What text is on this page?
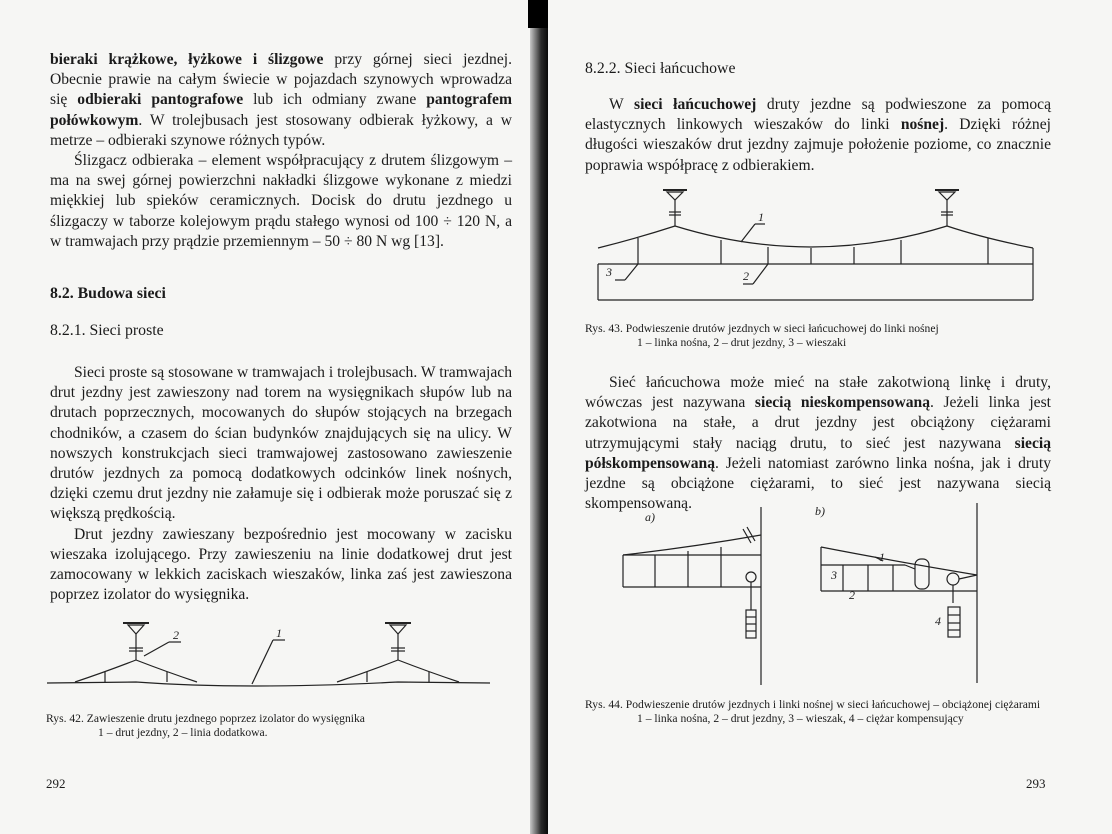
bieraki krążkowe, łyżkowe i ślizgowe przy górnej sieci jezdnej. Obecnie prawie na całym świecie w pojazdach szynowych wprowadza się odbieraki pantografowe lub ich odmiany zwane pantografem połówkowym. W trolejbusach jest stosowany odbierak łyżkowy, a w metrze – odbieraki szynowe różnych typów.

Ślizgacz odbieraka – element współpracujący z drutem ślizgowym – ma na swej górnej powierzchni nakładki ślizgowe wykonane z miedzi miękkiej lub spieków ceramicznych. Docisk do drutu jezdnego u ślizgaczy w taborze kolejowym prądu stałego wynosi od 100 ÷ 120 N, a w tramwajach przy prądzie przemiennym – 50 ÷ 80 N wg [13].

8.2. Budowa sieci
8.2.1. Sieci proste

Sieci proste są stosowane w tramwajach i trolejbusach. W tramwajach drut jezdny jest zawieszony nad torem na wysięgnikach słupów lub na drutach poprzecznych, mocowanych do słupów stojących na brzegach chodników, a czasem do ścian budynków znajdujących się na ulicy. W nowszych konstrukcjach sieci tramwajowej zastosowano zawieszenie drutów jezdnych za pomocą dodatkowych odcinków linek nośnych, dzięki czemu drut jezdny nie załamuje się i odbierak może poruszać się z większą prędkością.

Drut jezdny zawieszany bezpośrednio jest mocowany w zacisku wieszaka izolującego. Przy zawieszeniu na linie dodatkowej drut jest zamocowany w lekkich zaciskach wieszaków, linka zaś jest zawieszona poprzez izolator do wysięgnika.

2	1
Rys. 42. Zawieszenie drutu jezdnego poprzez izolator do wysięgnika
1 – drut jezdny, 2 – linia dodatkowa.
292
8.2.2. Sieci łańcuchowe

W sieci łańcuchowej druty jezdne są podwieszone za pomocą elastycznych linkowych wieszaków do linki nośnej. Dzięki różnej długości wieszaków drut jezdny zajmuje położenie poziome, co znacznie poprawia współpracę z odbierakiem.

1
3	2
Rys. 43. Podwieszenie drutów jezdnych w sieci łańcuchowej do linki nośnej
1 – linka nośna, 2 – drut jezdny, 3 – wieszaki

Sieć łańcuchowa może mieć na stałe zakotwioną linkę i druty, wówczas jest nazywana siecią nieskompensowaną. Jeżeli linka jest zakotwiona na stałe, a drut jezdny jest obciążony ciężarami utrzymującymi stały naciąg drutu, to sieć jest nazywana siecią półskompensowaną. Jeżeli natomiast zarówno linka nośna, jak i druty jezdne są obciążone ciężarami, to sieć jest nazywana siecią skompensowaną.

a)	b)
1
3
2
4
Rys. 44. Podwieszenie drutów jezdnych i linki nośnej w sieci łańcuchowej – obciążonej ciężarami
1 – linka nośna, 2 – drut jezdny, 3 – wieszak, 4 – ciężar kompensujący
293
